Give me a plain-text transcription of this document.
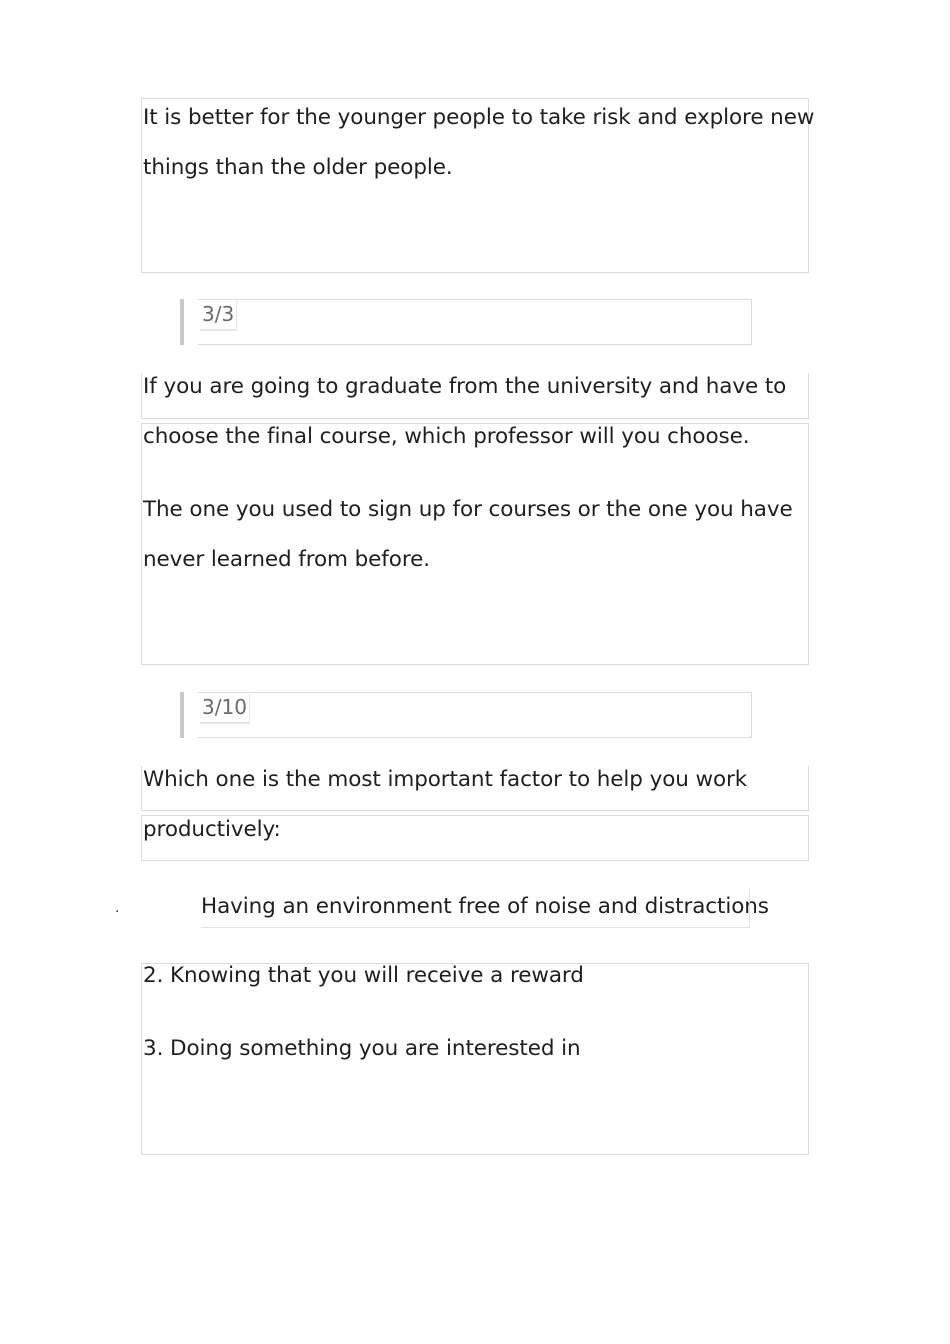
It is better for the younger people to take risk and explore new
things than the older people.
3/3
If you are going to graduate from the university and have to
choose the final course, which professor will you choose.
The one you used to sign up for courses or the one you have
never learned from before.
3/10
Which one is the most important factor to help you work
productively:
.	Having an environment free of noise and distractions
2. Knowing that you will receive a reward
3. Doing something you are interested in
